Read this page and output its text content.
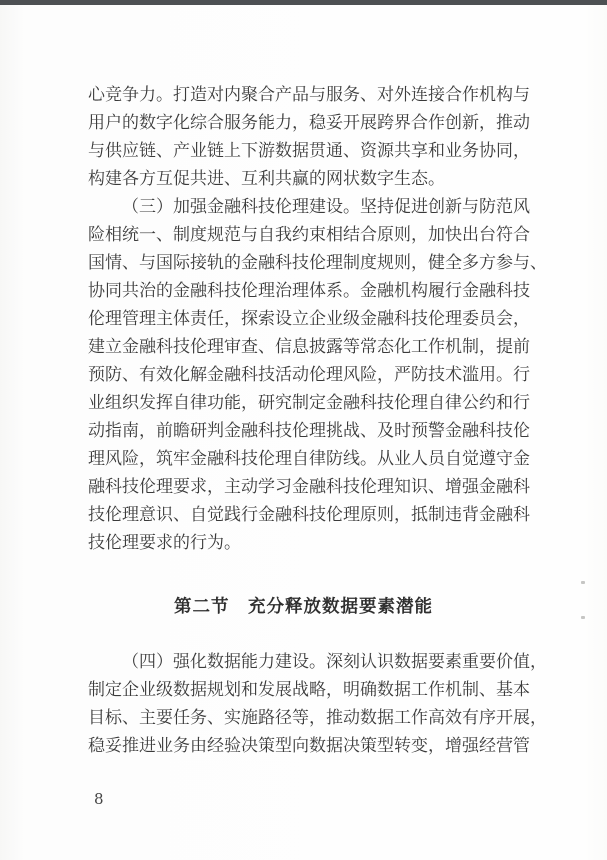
心竞争力。打造对内聚合产品与服务、对外连接合作机构与
用户的数字化综合服务能力，稳妥开展跨界合作创新，推动
与供应链、产业链上下游数据贯通、资源共享和业务协同，
构建各方互促共进、互利共赢的网状数字生态。
（三）加强金融科技伦理建设。坚持促进创新与防范风
险相统一、制度规范与自我约束相结合原则，加快出台符合
国情、与国际接轨的金融科技伦理制度规则，健全多方参与、
协同共治的金融科技伦理治理体系。金融机构履行金融科技
伦理管理主体责任，探索设立企业级金融科技伦理委员会，
建立金融科技伦理审查、信息披露等常态化工作机制，提前
预防、有效化解金融科技活动伦理风险，严防技术滥用。行
业组织发挥自律功能，研究制定金融科技伦理自律公约和行
动指南，前瞻研判金融科技伦理挑战、及时预警金融科技伦
理风险，筑牢金融科技伦理自律防线。从业人员自觉遵守金
融科技伦理要求，主动学习金融科技伦理知识、增强金融科
技伦理意识、自觉践行金融科技伦理原则，抵制违背金融科
技伦理要求的行为。
第二节　充分释放数据要素潜能
（四）强化数据能力建设。深刻认识数据要素重要价值，
制定企业级数据规划和发展战略，明确数据工作机制、基本
目标、主要任务、实施路径等，推动数据工作高效有序开展，
稳妥推进业务由经验决策型向数据决策型转变，增强经营管
8
